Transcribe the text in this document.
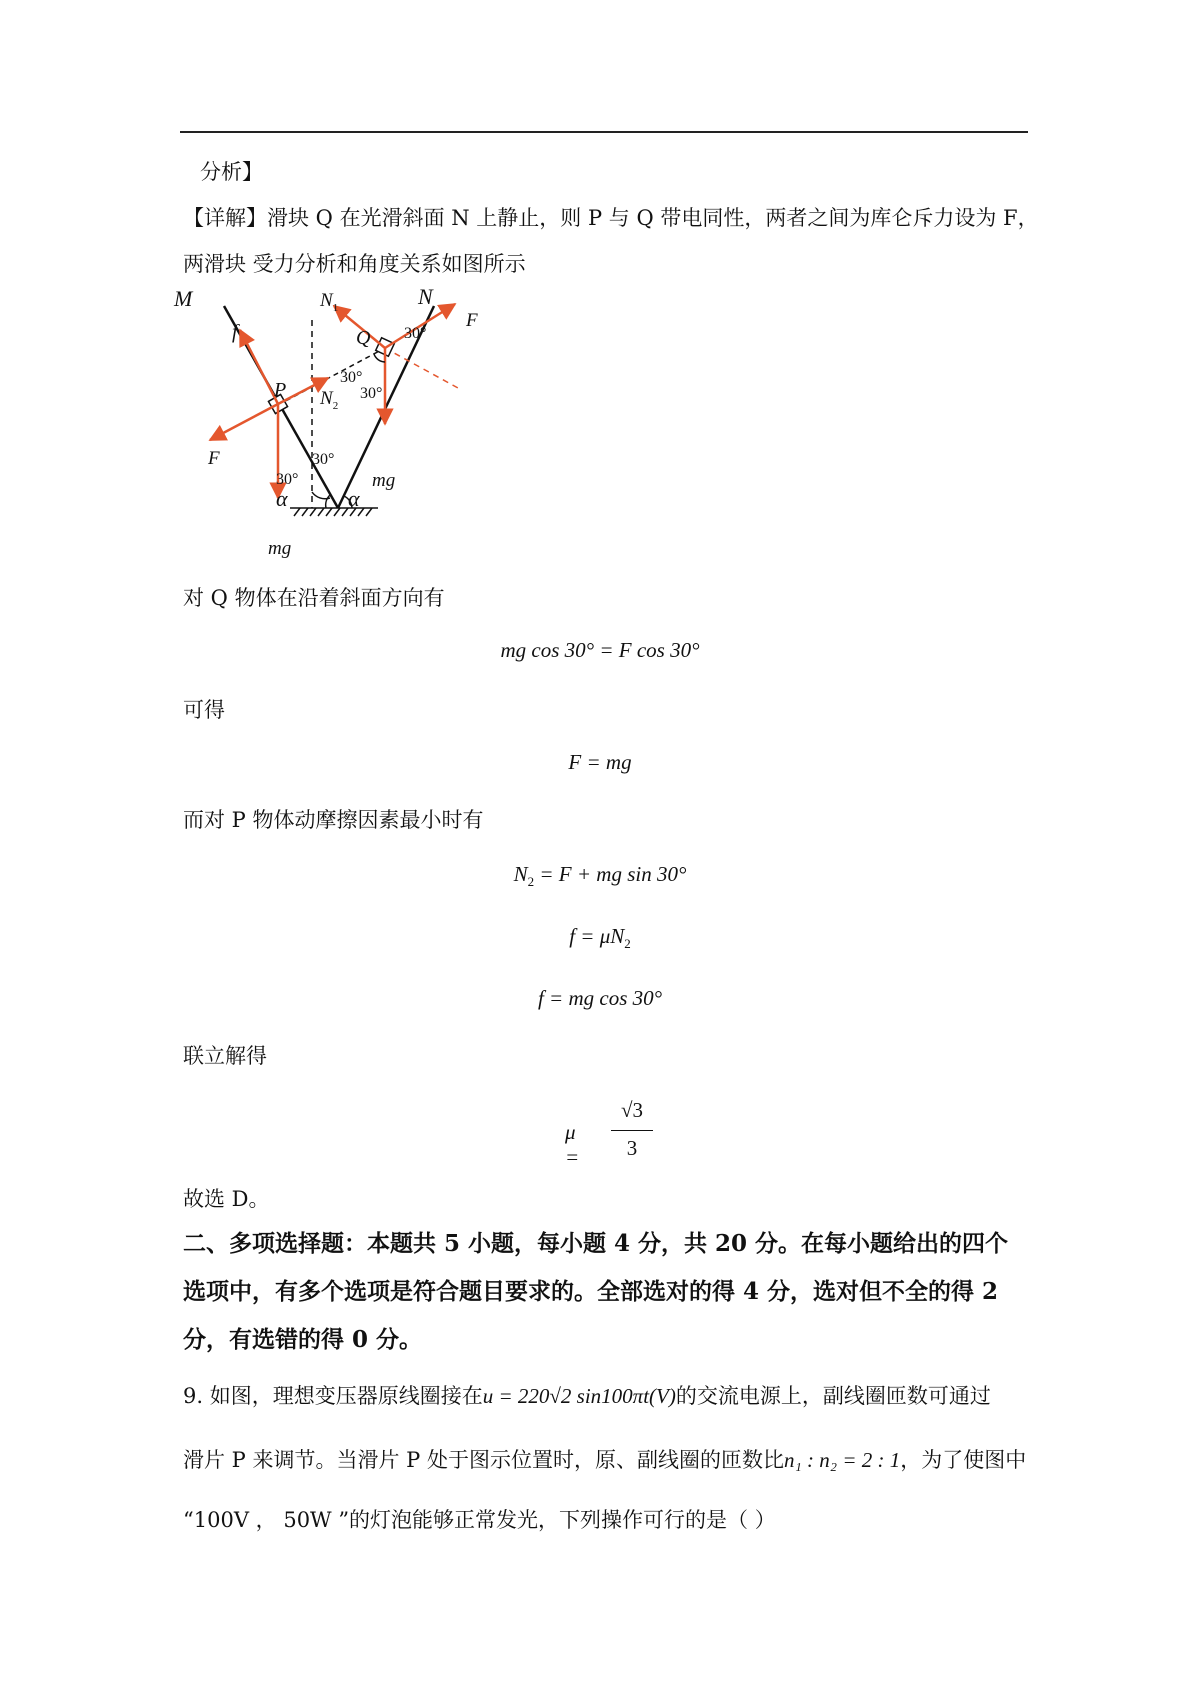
分析】
【详解】滑块 Q 在光滑斜面 N 上静止，则 P 与 Q 带电同性，两者之间为库仑斥力设为 F，
两滑块 受力分析和角度关系如图所示
M	N
f
P
Q
F
F
mg
mg
$N_1$
$N_2$
α	α
30°
30°
30°
30°
30°
对 Q 物体在沿着斜面方向有
mg cos 30° = F cos 30°
可得
F = mg
而对 P 物体动摩擦因素最小时有
$N_2 = F$ + mg sin 30°
$f = \mu N_2$
f = mg cos 30°
联立解得
μ =
√3
3
故选 D。
二、多项选择题：本题共 5 小题，每小题 4 分，共 20 分。在每小题给出的四个
选项中，有多个选项是符合题目要求的。全部选对的得 4 分，选对但不全的得 2
分，有选错的得 0 分。
9. 如图，理想变压器原线圈接在u = 220√2 sin100πt(V)的交流电源上，副线圈匝数可通过
滑片 P 来调节。当滑片 P 处于图示位置时，原、副线圈的匝数比n₁ : n₂ = 2 : 1，为了使图中
“100V ， 50W ”的灯泡能够正常发光，下列操作可行的是（ ）
